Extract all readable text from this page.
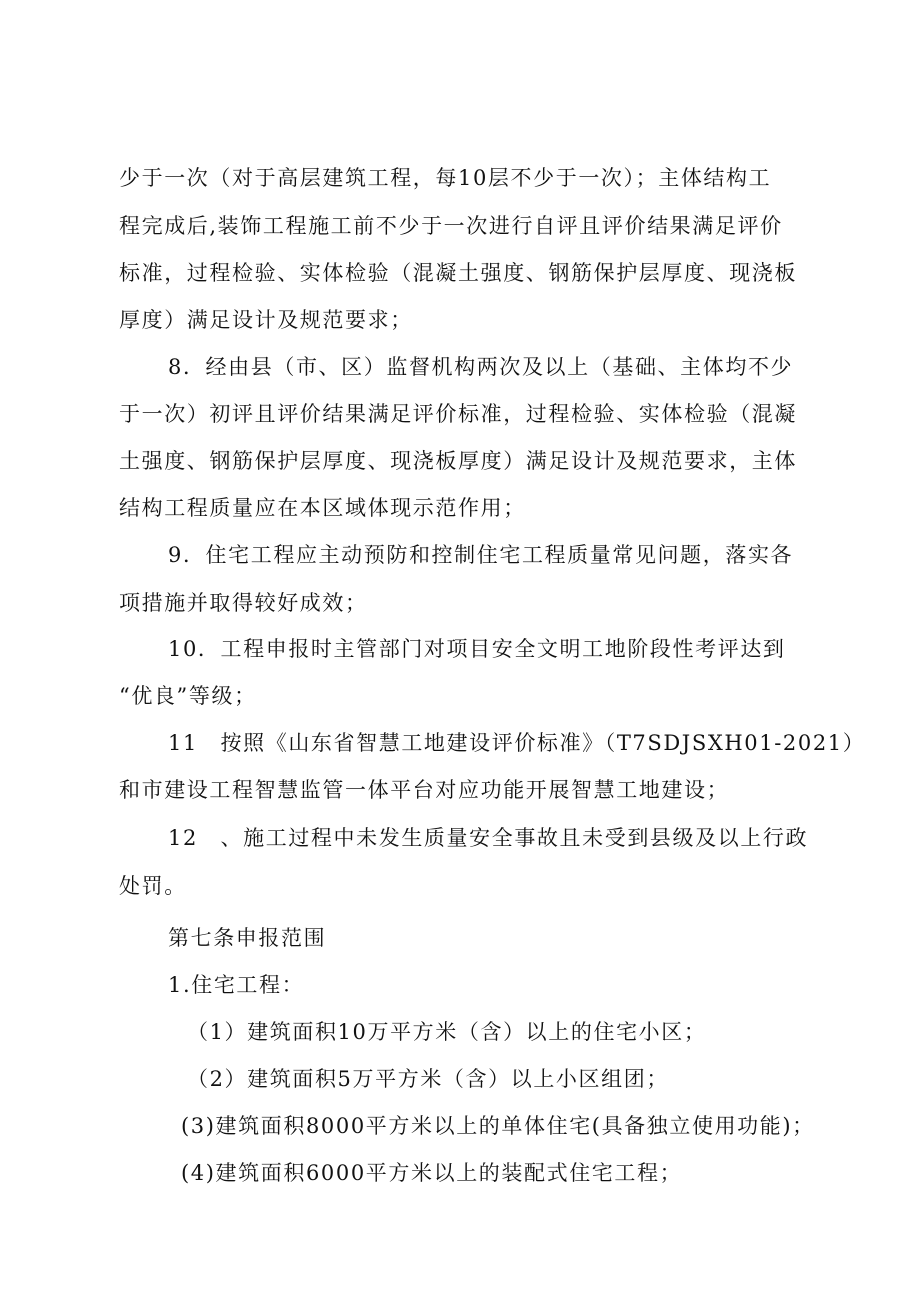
少于一次（对于高层建筑工程，每10层不少于一次）；主体结构工
程完成后,装饰工程施工前不少于一次进行自评且评价结果满足评价
标准，过程检验、实体检验（混凝土强度、钢筋保护层厚度、现浇板
厚度）满足设计及规范要求；
8．经由县（市、区）监督机构两次及以上（基础、主体均不少
于一次）初评且评价结果满足评价标准，过程检验、实体检验（混凝
土强度、钢筋保护层厚度、现浇板厚度）满足设计及规范要求，主体
结构工程质量应在本区域体现示范作用；
9．住宅工程应主动预防和控制住宅工程质量常见问题，落实各
项措施并取得较好成效；
10．工程申报时主管部门对项目安全文明工地阶段性考评达到
“优良”等级；
11　按照《山东省智慧工地建设评价标准》（T7SDJSXH01-2021）
和市建设工程智慧监管一体平台对应功能开展智慧工地建设；
12　、施工过程中未发生质量安全事故且未受到县级及以上行政
处罚。
第七条申报范围
1.住宅工程：
（1）建筑面积10万平方米（含）以上的住宅小区；
（2）建筑面积5万平方米（含）以上小区组团；
(3)建筑面积8000平方米以上的单体住宅(具备独立使用功能)；
(4)建筑面积6000平方米以上的装配式住宅工程；
